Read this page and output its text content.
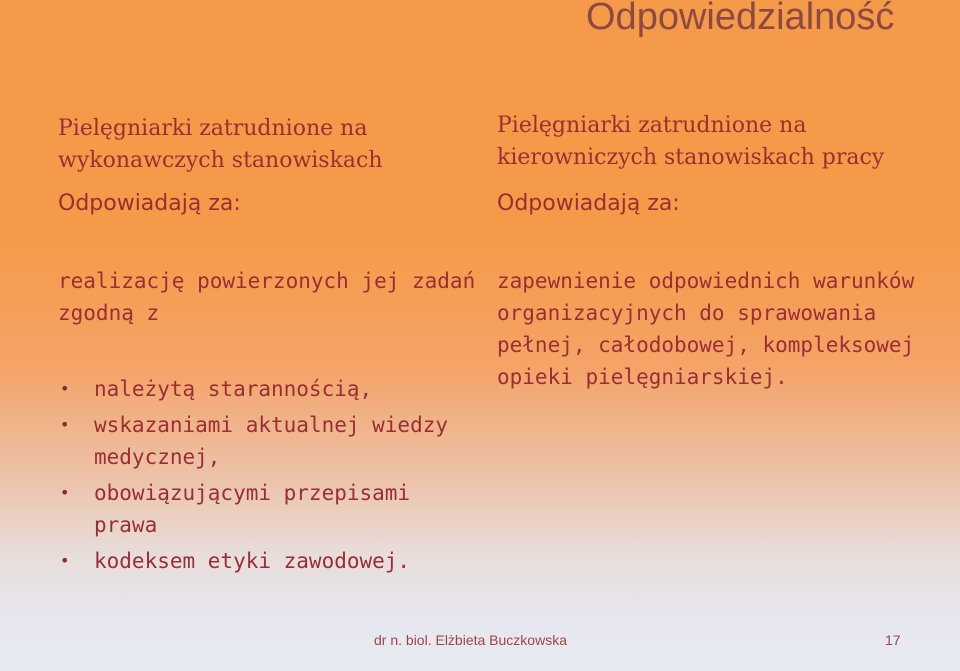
Odpowiedzialność
Pielęgniarki zatrudnione na wykonawczych stanowiskach
Odpowiadają za:
realizację powierzonych jej zadań zgodną z
• należytą starannością,
• wskazaniami aktualnej wiedzy medycznej,
• obowiązującymi przepisami prawa
• kodeksem etyki zawodowej.
Pielęgniarki zatrudnione na kierowniczych stanowiskach pracy
Odpowiadają za:
zapewnienie odpowiednich warunków organizacyjnych do sprawowania pełnej, całodobowej, kompleksowej opieki pielęgniarskiej.
dr n. biol. Elżbieta Buczkowska	17
